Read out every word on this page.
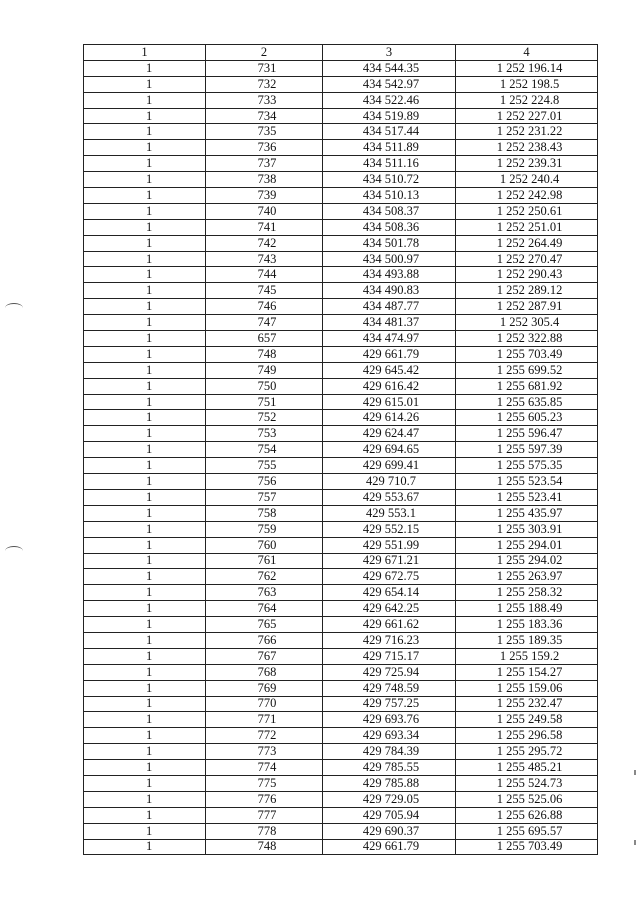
1	2	3	4
1	731	434 544.35	1 252 196.14
1	732	434 542.97	1 252 198.5
1	733	434 522.46	1 252 224.8
1	734	434 519.89	1 252 227.01
1	735	434 517.44	1 252 231.22
1	736	434 511.89	1 252 238.43
1	737	434 511.16	1 252 239.31
1	738	434 510.72	1 252 240.4
1	739	434 510.13	1 252 242.98
1	740	434 508.37	1 252 250.61
1	741	434 508.36	1 252 251.01
1	742	434 501.78	1 252 264.49
1	743	434 500.97	1 252 270.47
1	744	434 493.88	1 252 290.43
1	745	434 490.83	1 252 289.12
1	746	434 487.77	1 252 287.91
1	747	434 481.37	1 252 305.4
1	657	434 474.97	1 252 322.88
1	748	429 661.79	1 255 703.49
1	749	429 645.42	1 255 699.52
1	750	429 616.42	1 255 681.92
1	751	429 615.01	1 255 635.85
1	752	429 614.26	1 255 605.23
1	753	429 624.47	1 255 596.47
1	754	429 694.65	1 255 597.39
1	755	429 699.41	1 255 575.35
1	756	429 710.7	1 255 523.54
1	757	429 553.67	1 255 523.41
1	758	429 553.1	1 255 435.97
1	759	429 552.15	1 255 303.91
1	760	429 551.99	1 255 294.01
1	761	429 671.21	1 255 294.02
1	762	429 672.75	1 255 263.97
1	763	429 654.14	1 255 258.32
1	764	429 642.25	1 255 188.49
1	765	429 661.62	1 255 183.36
1	766	429 716.23	1 255 189.35
1	767	429 715.17	1 255 159.2
1	768	429 725.94	1 255 154.27
1	769	429 748.59	1 255 159.06
1	770	429 757.25	1 255 232.47
1	771	429 693.76	1 255 249.58
1	772	429 693.34	1 255 296.58
1	773	429 784.39	1 255 295.72
1	774	429 785.55	1 255 485.21
1	775	429 785.88	1 255 524.73
1	776	429 729.05	1 255 525.06
1	777	429 705.94	1 255 626.88
1	778	429 690.37	1 255 695.57
1	748	429 661.79	1 255 703.49
